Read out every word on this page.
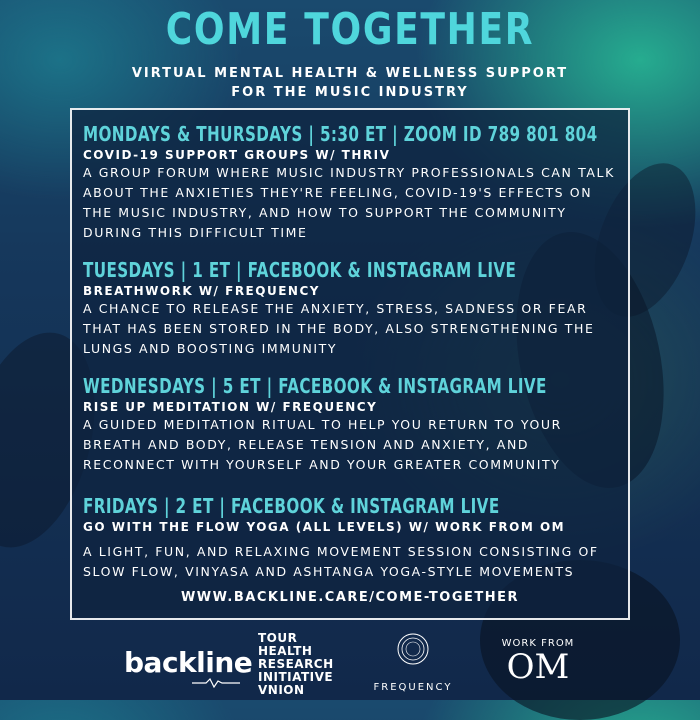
COME TOGETHER
VIRTUAL MENTAL HEALTH & WELLNESS SUPPORT
FOR THE MUSIC INDUSTRY
MONDAYS & THURSDAYS | 5:30 ET | ZOOM ID 789 801 804
COVID-19 SUPPORT GROUPS W/ THRIV
A GROUP FORUM WHERE MUSIC INDUSTRY PROFESSIONALS CAN TALK ABOUT THE ANXIETIES THEY'RE FEELING, COVID-19'S EFFECTS ON THE MUSIC INDUSTRY, AND HOW TO SUPPORT THE COMMUNITY DURING THIS DIFFICULT TIME
TUESDAYS | 1 ET | FACEBOOK & INSTAGRAM LIVE
BREATHWORK W/ FREQUENCY
A CHANCE TO RELEASE THE ANXIETY, STRESS, SADNESS OR FEAR THAT HAS BEEN STORED IN THE BODY, ALSO STRENGTHENING THE LUNGS AND BOOSTING IMMUNITY
WEDNESDAYS | 5 ET | FACEBOOK & INSTAGRAM LIVE
RISE UP MEDITATION W/ FREQUENCY
A GUIDED MEDITATION RITUAL TO HELP YOU RETURN TO YOUR BREATH AND BODY, RELEASE TENSION AND ANXIETY, AND RECONNECT WITH YOURSELF AND YOUR GREATER COMMUNITY
FRIDAYS | 2 ET | FACEBOOK & INSTAGRAM LIVE
GO WITH THE FLOW YOGA (ALL LEVELS) W/ WORK FROM OM
A LIGHT, FUN, AND RELAXING MOVEMENT SESSION CONSISTING OF SLOW FLOW, VINYASA AND ASHTANGA YOGA-STYLE MOVEMENTS
WWW.BACKLINE.CARE/COME-TOGETHER
backline
TOUR
HEALTH
RESEARCH
INITIATIVE
VNION	FREQUENCY
WORK FROM
OM
